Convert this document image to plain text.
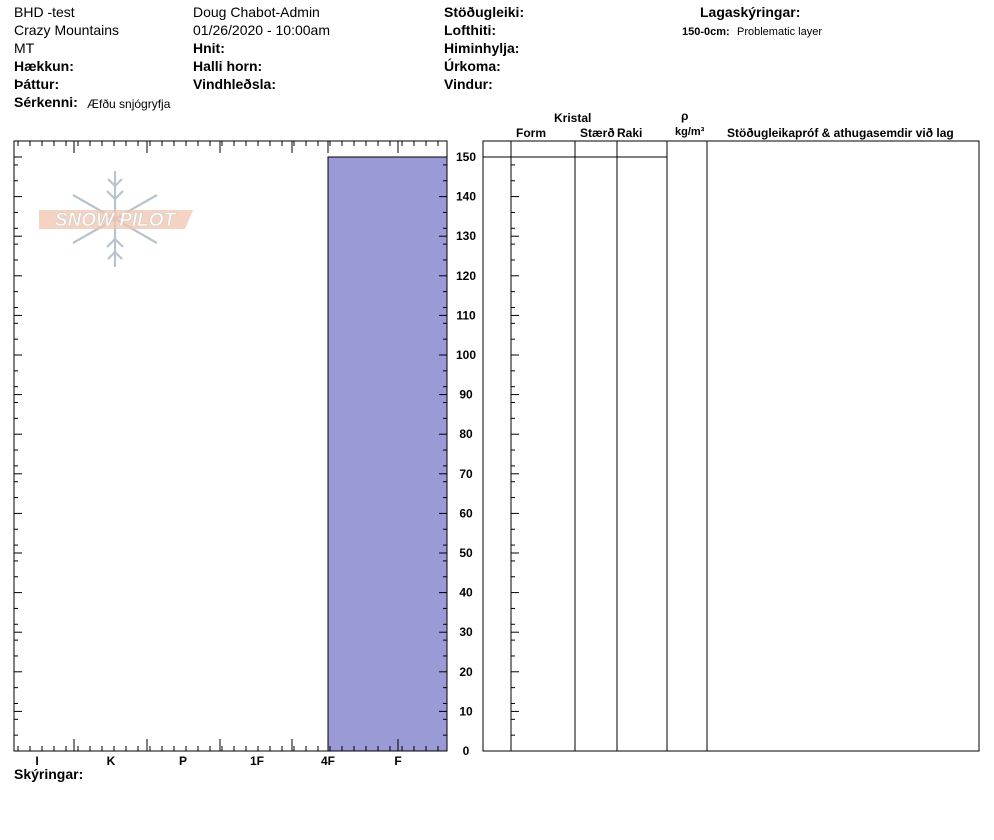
BHD -test
Crazy Mountains
MT
Hækkun:
Þáttur:
Sérkenni: Æfðu snjógryfja
Doug Chabot-Admin
01/26/2020 - 10:00am
Hnit:
Halli horn:
Vindhleðsla:
Stöðugleiki:
Lofthiti:
Himinhylja:
Úrkoma:
Vindur:
Lagaskýringar:
150-0cm: Problematic layer
Kristal
Form	Stærð Raki
ρ
kg/m³ Stöðugleikapróf & athugasemdir við lag
I	K	P	1F	4F	F
0
10
20
30
40
50
60
70
80
90
100
110
120
130
140
150
SNOW PILOT
Skýringar:
